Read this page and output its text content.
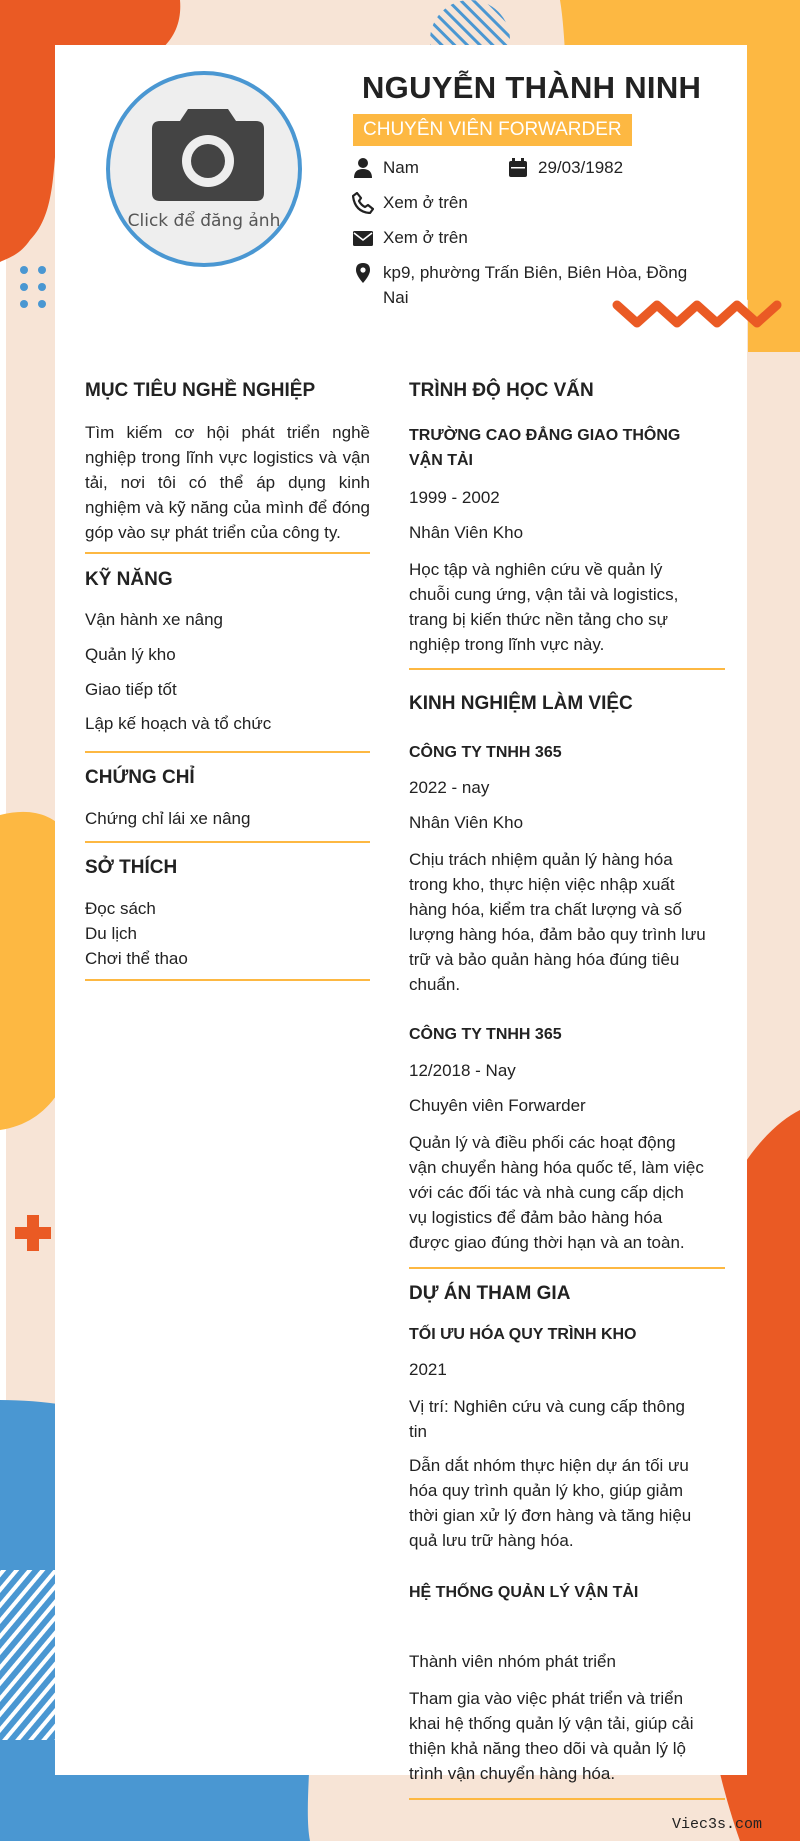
Click để đăng ảnh
NGUYỄN THÀNH NINH
CHUYÊN VIÊN FORWARDER
Nam	29/03/1982
Xem ở trên
Xem ở trên
kp9, phường Trấn Biên, Biên Hòa, Đồng
Nai
MỤC TIÊU NGHỀ NGHIỆP
Tìm kiếm cơ hội phát triển nghề
nghiệp trong lĩnh vực logistics và vận
tải, nơi tôi có thể áp dụng kinh
nghiệm và kỹ năng của mình để đóng
góp vào sự phát triển của công ty.
KỸ NĂNG
Vận hành xe nâng
Quản lý kho
Giao tiếp tốt
Lập kế hoạch và tổ chức
CHỨNG CHỈ
Chứng chỉ lái xe nâng
SỞ THÍCH
Đọc sách
Du lịch
Chơi thể thao
TRÌNH ĐỘ HỌC VẤN
TRƯỜNG CAO ĐẲNG GIAO THÔNG
VẬN TẢI
1999 - 2002
Nhân Viên Kho
Học tập và nghiên cứu về quản lý
chuỗi cung ứng, vận tải và logistics,
trang bị kiến thức nền tảng cho sự
nghiệp trong lĩnh vực này.
KINH NGHIỆM LÀM VIỆC
CÔNG TY TNHH 365
2022 - nay
Nhân Viên Kho
Chịu trách nhiệm quản lý hàng hóa
trong kho, thực hiện việc nhập xuất
hàng hóa, kiểm tra chất lượng và số
lượng hàng hóa, đảm bảo quy trình lưu
trữ và bảo quản hàng hóa đúng tiêu
chuẩn.
CÔNG TY TNHH 365
12/2018 - Nay
Chuyên viên Forwarder
Quản lý và điều phối các hoạt động
vận chuyển hàng hóa quốc tế, làm việc
với các đối tác và nhà cung cấp dịch
vụ logistics để đảm bảo hàng hóa
được giao đúng thời hạn và an toàn.
DỰ ÁN THAM GIA
TỐI ƯU HÓA QUY TRÌNH KHO
2021
Vị trí: Nghiên cứu và cung cấp thông
tin
Dẫn dắt nhóm thực hiện dự án tối ưu
hóa quy trình quản lý kho, giúp giảm
thời gian xử lý đơn hàng và tăng hiệu
quả lưu trữ hàng hóa.
HỆ THỐNG QUẢN LÝ VẬN TẢI
Thành viên nhóm phát triển
Tham gia vào việc phát triển và triển
khai hệ thống quản lý vận tải, giúp cải
thiện khả năng theo dõi và quản lý lộ
trình vận chuyển hàng hóa.
Viec3s.com
